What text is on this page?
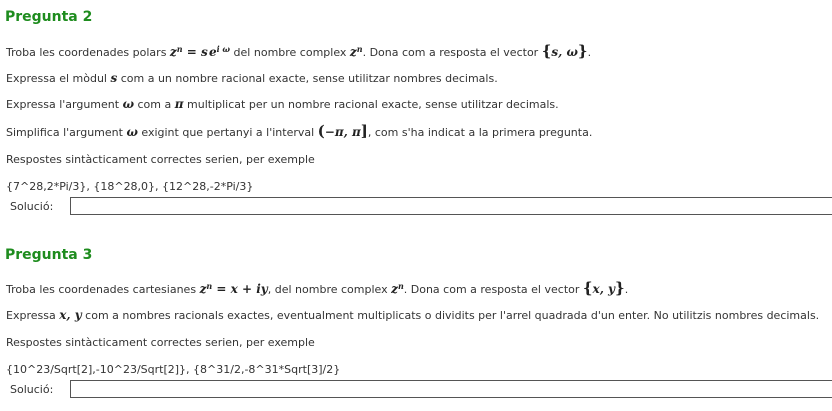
Pregunta 2
Troba les coordenades polars $z^n = s$ $e^{i \omega}$ del nombre complex $z^n$. Dona com a resposta el vector {s, ω}.
Expressa el mòdul s com a un nombre racional exacte, sense utilitzar nombres decimals.
Expressa l'argument ω com a π multiplicat per un nombre racional exacte, sense utilitzar decimals.
Simplifica l'argument ω exigint que pertanyi a l'interval (−π, π], com s'ha indicat a la primera pregunta.
Respostes sintàcticament correctes serien, per exemple
{7^28,2*Pi/3}, {18^28,0}, {12^28,-2*Pi/3}
Solució:
Pregunta 3
Troba les coordenades cartesianes $z^n = x$ + iy, del nombre complex $z^n$. Dona com a resposta el vector {x, y}.
Expressa x, y com a nombres racionals exactes, eventualment multiplicats o dividits per l'arrel quadrada d'un enter. No utilitzis nombres decimals.
Respostes sintàcticament correctes serien, per exemple
{10^23/Sqrt[2],-10^23/Sqrt[2]}, {8^31/2,-8^31*Sqrt[3]/2}
Solució:
